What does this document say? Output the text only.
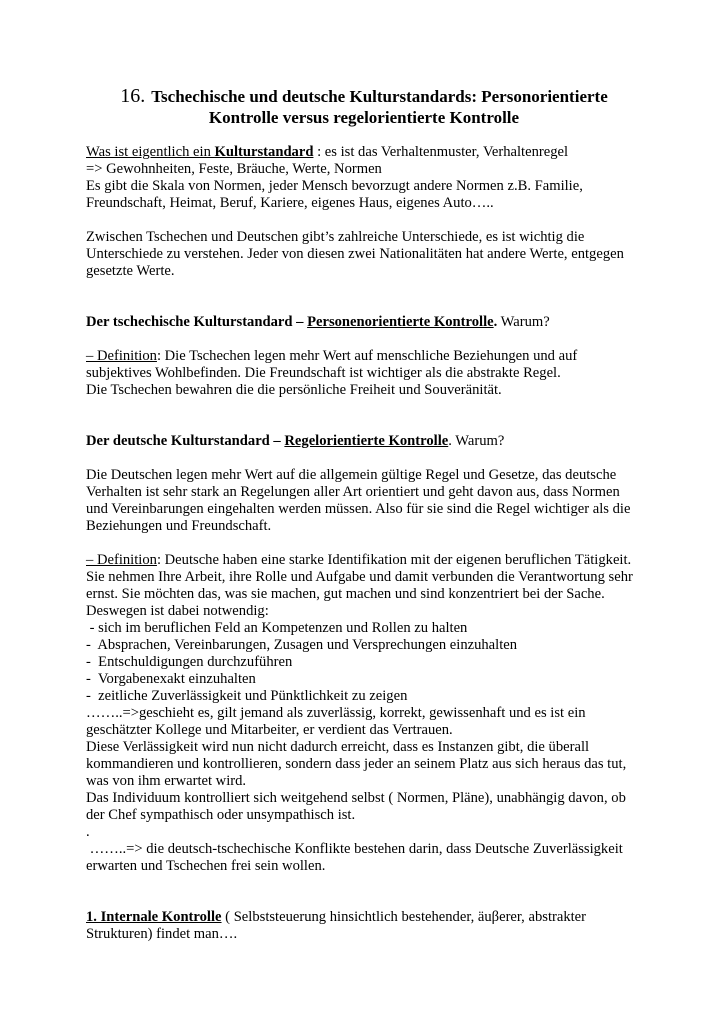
16. Tschechische und deutsche Kulturstandards: Personorientierte
Kontrolle versus regelorientierte Kontrolle

Was ist eigentlich ein Kulturstandard : es ist das Verhaltenmuster, Verhaltenregel

=> Gewohnheiten, Feste, Bräuche, Werte, Normen

Es gibt die Skala von Normen, jeder Mensch bevorzugt andere Normen z.B. Familie,

Freundschaft, Heimat, Beruf, Kariere, eigenes Haus, eigenes Auto…..

Zwischen Tschechen und Deutschen gibt’s zahlreiche Unterschiede, es ist wichtig die

Unterschiede zu verstehen. Jeder von diesen zwei Nationalitäten hat andere Werte, entgegen

gesetzte Werte.

Der tschechische Kulturstandard – Personenorientierte Kontrolle. Warum?

– Definition: Die Tschechen legen mehr Wert auf menschliche Beziehungen und auf

subjektives Wohlbefinden. Die Freundschaft ist wichtiger als die abstrakte Regel.

Die Tschechen bewahren die die persönliche Freiheit und Souveränität.

Der deutsche Kulturstandard – Regelorientierte Kontrolle. Warum?

Die Deutschen legen mehr Wert auf die allgemein gültige Regel und Gesetze, das deutsche

Verhalten ist sehr stark an Regelungen aller Art orientiert und geht davon aus, dass Normen

und Vereinbarungen eingehalten werden müssen. Also für sie sind die Regel wichtiger als die

Beziehungen und Freundschaft.

– Definition: Deutsche haben eine starke Identifikation mit der eigenen beruflichen Tätigkeit.

Sie nehmen Ihre Arbeit, ihre Rolle und Aufgabe und damit verbunden die Verantwortung sehr

ernst. Sie möchten das, was sie machen, gut machen und sind konzentriert bei der Sache.

Deswegen ist dabei notwendig:

- sich im beruflichen Feld an Kompetenzen und Rollen zu halten

-  Absprachen, Vereinbarungen, Zusagen und Versprechungen einzuhalten

-  Entschuldigungen durchzuführen

-  Vorgabenexakt einzuhalten

-  zeitliche Zuverlässigkeit und Pünktlichkeit zu zeigen

……..=>geschieht es, gilt jemand als zuverlässig, korrekt, gewissenhaft und es ist ein

geschätzter Kollege und Mitarbeiter, er verdient das Vertrauen.

Diese Verlässigkeit wird nun nicht dadurch erreicht, dass es Instanzen gibt, die überall

kommandieren und kontrollieren, sondern dass jeder an seinem Platz aus sich heraus das tut,

was von ihm erwartet wird.

Das Individuum kontrolliert sich weitgehend selbst ( Normen, Pläne), unabhängig davon, ob

der Chef sympathisch oder unsympathisch ist.

.

……..=> die deutsch-tschechische Konflikte bestehen darin, dass Deutsche Zuverlässigkeit

erwarten und Tschechen frei sein wollen.

1. Internale Kontrolle ( Selbststeuerung hinsichtlich bestehender, äuβerer, abstrakter

Strukturen) findet man….
